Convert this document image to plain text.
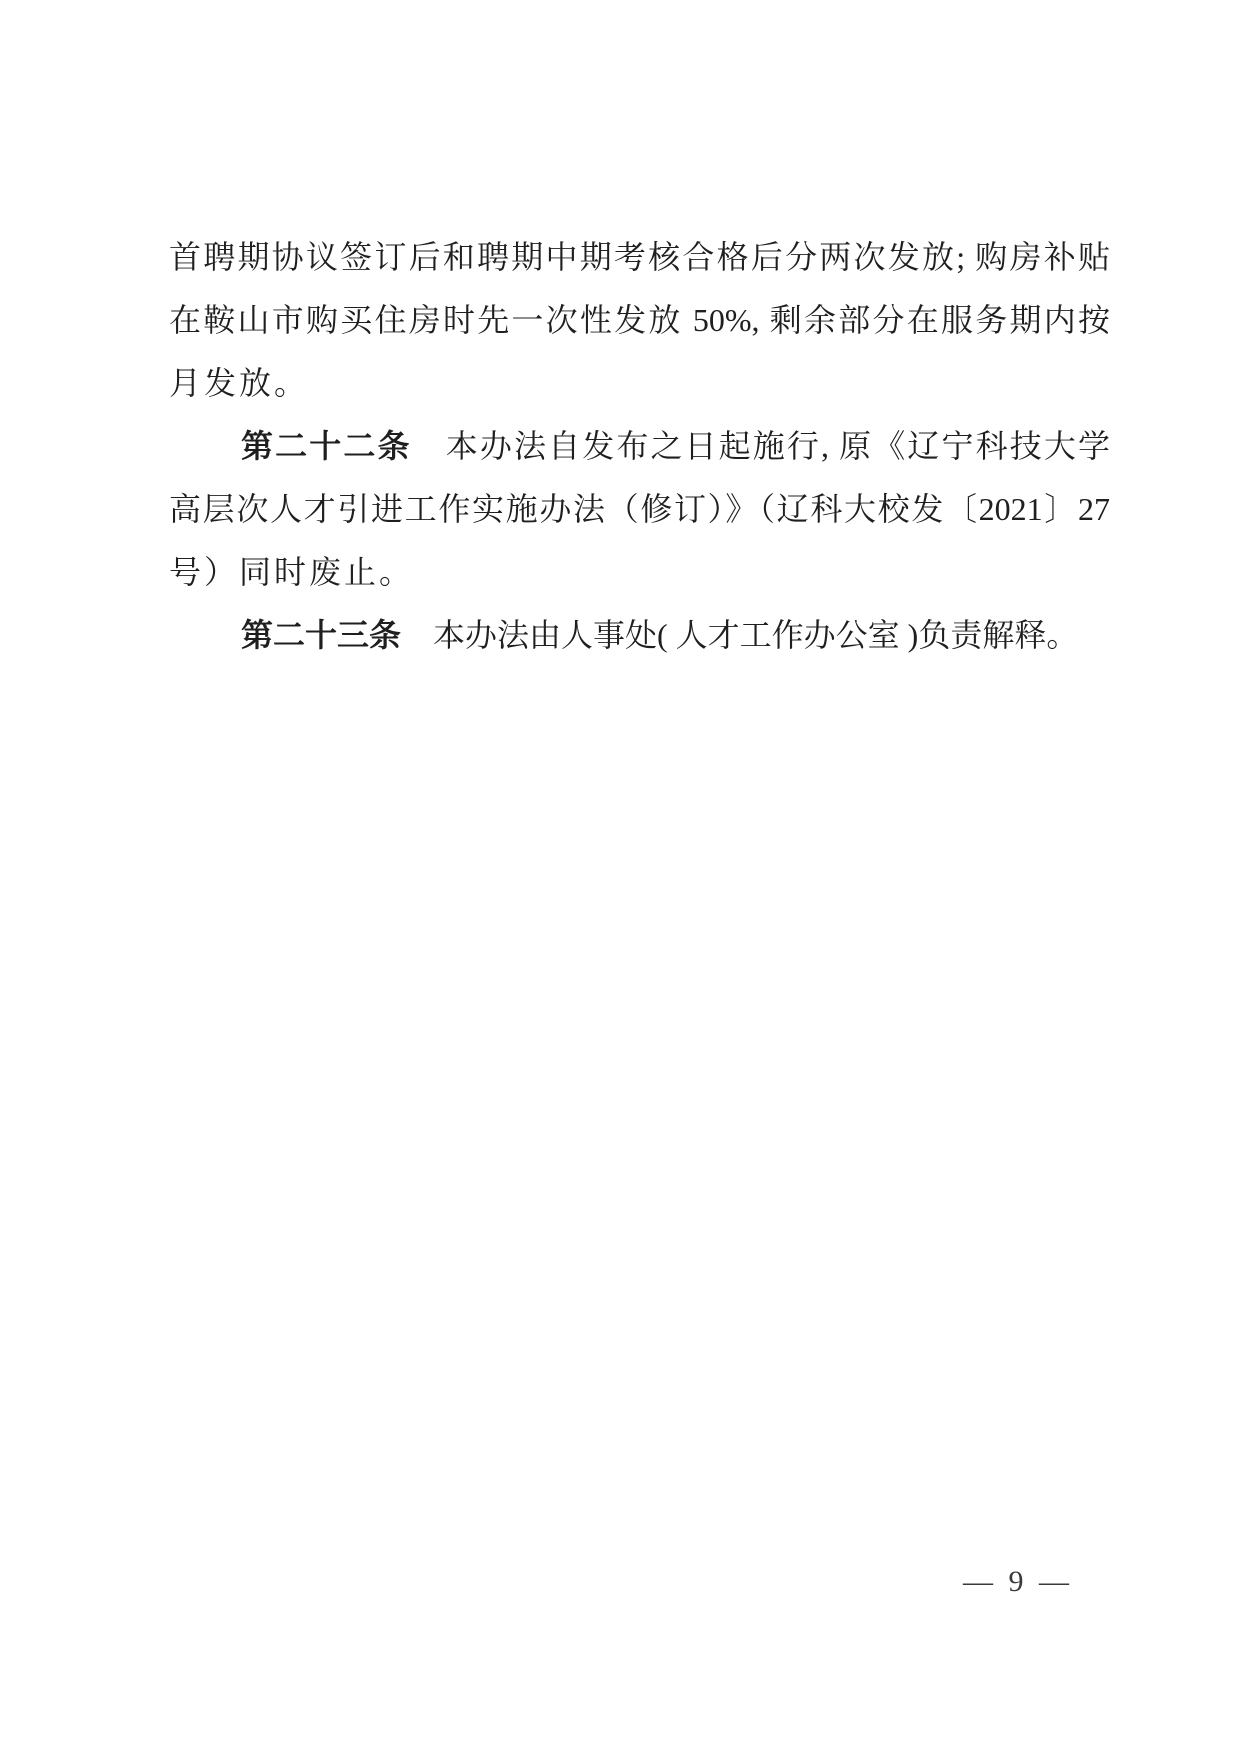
首聘期协议签订后和聘期中期考核合格后分两次发放; 购房补贴

在鞍山市购买住房时先一次性发放 50%, 剩余部分在服务期内按

月发放。

第二十二条　本办法自发布之日起施行, 原《辽宁科技大学

高层次人才引进工作实施办法（修订）》（辽科大校发〔2021〕27

号）同时废止。

第二十三条　本办法由人事处( 人才工作办公室 )负责解释。

— 9 —
